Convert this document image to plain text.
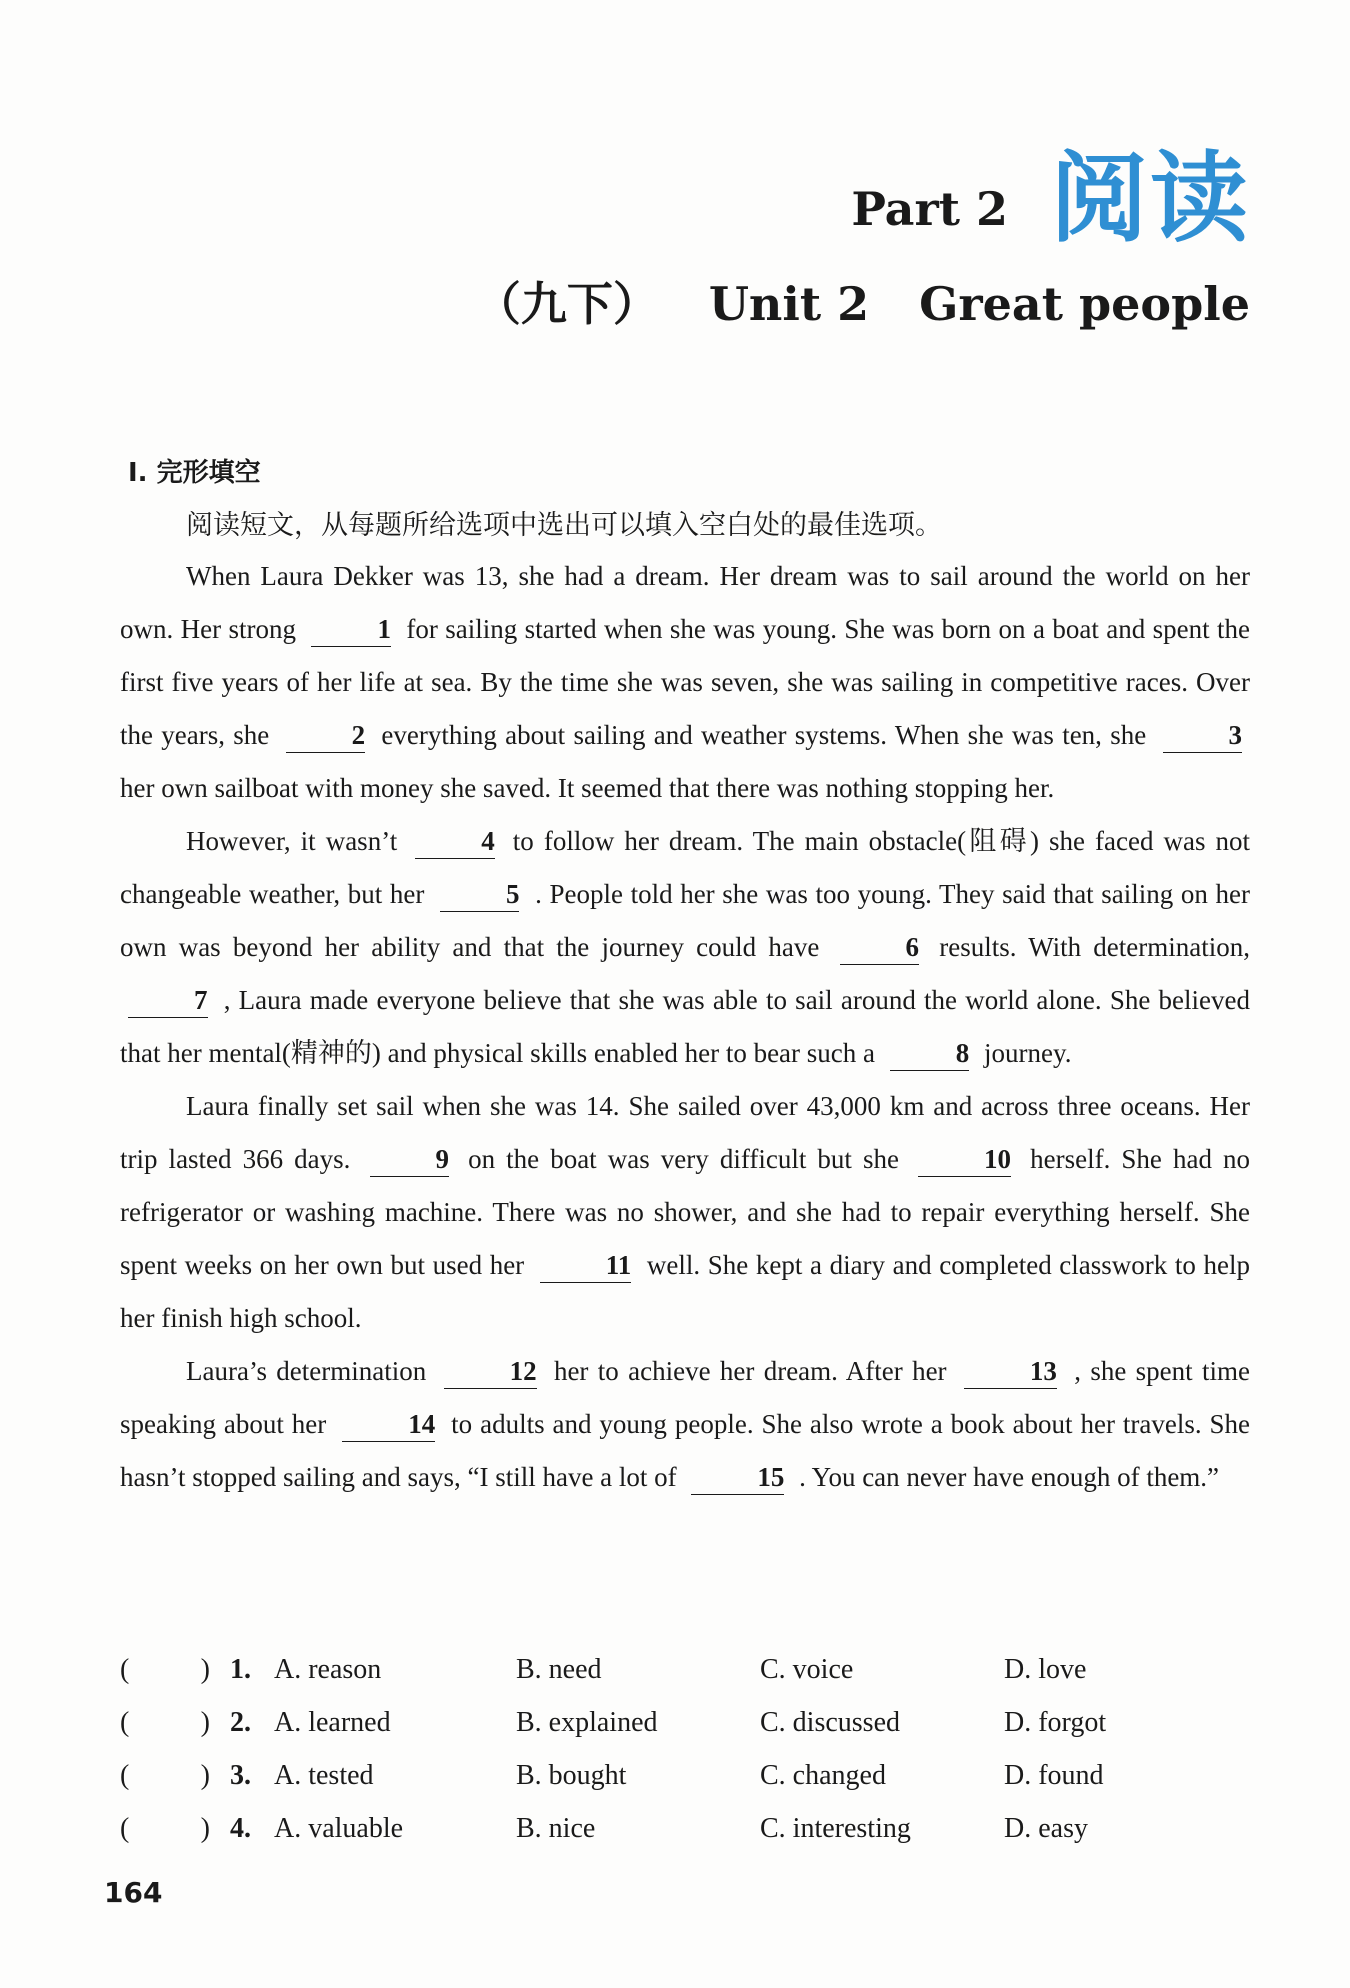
Part 2 阅读
（九下） Unit 2 Great people
Ⅰ. 完形填空
阅读短文，从每题所给选项中选出可以填入空白处的最佳选项。

When Laura Dekker was 13, she had a dream. Her dream was to sail around the world on her own. Her strong	1 for sailing started when she was young. She was born on a boat and spent the first five years of her life at sea. By the time she was seven, she was sailing in competitive races. Over the years, she	2 everything about sailing and weather systems. When she was ten, she	3 her own sailboat with money she saved. It seemed that there was nothing stopping her.

However, it wasn’t	4 to follow her dream. The main obstacle(阻碍) she faced was not changeable weather, but her	5 . People told her she was too young. They said that sailing on her own was beyond her ability and that the journey could have	6 results. With determination, 7 , Laura made everyone believe that she was able to sail around the world alone. She believed that her mental(精神的) and physical skills enabled her to bear such a	8 journey.

Laura finally set sail when she was 14. She sailed over 43,000 km and across three oceans. Her trip lasted 366 days.	9 on the boat was very difficult but she	10 herself. She had no refrigerator or washing machine. There was no shower, and she had to repair everything herself. She spent weeks on her own but used her	11 well. She kept a diary and completed classwork to help her finish high school.

Laura’s determination	12 her to achieve her dream. After her	13 , she spent time speaking about her	14 to adults and young people. She also wrote a book about her travels. She hasn’t stopped sailing and says, “I still have a lot of	15 . You can never have enough of them.”

(	) 1. A. reason	B. need	C. voice	D. love
(	) 2. A. learned	B. explained	C. discussed	D. forgot
(	) 3. A. tested	B. bought	C. changed	D. found
(	) 4. A. valuable	B. nice	C. interesting	D. easy
164
